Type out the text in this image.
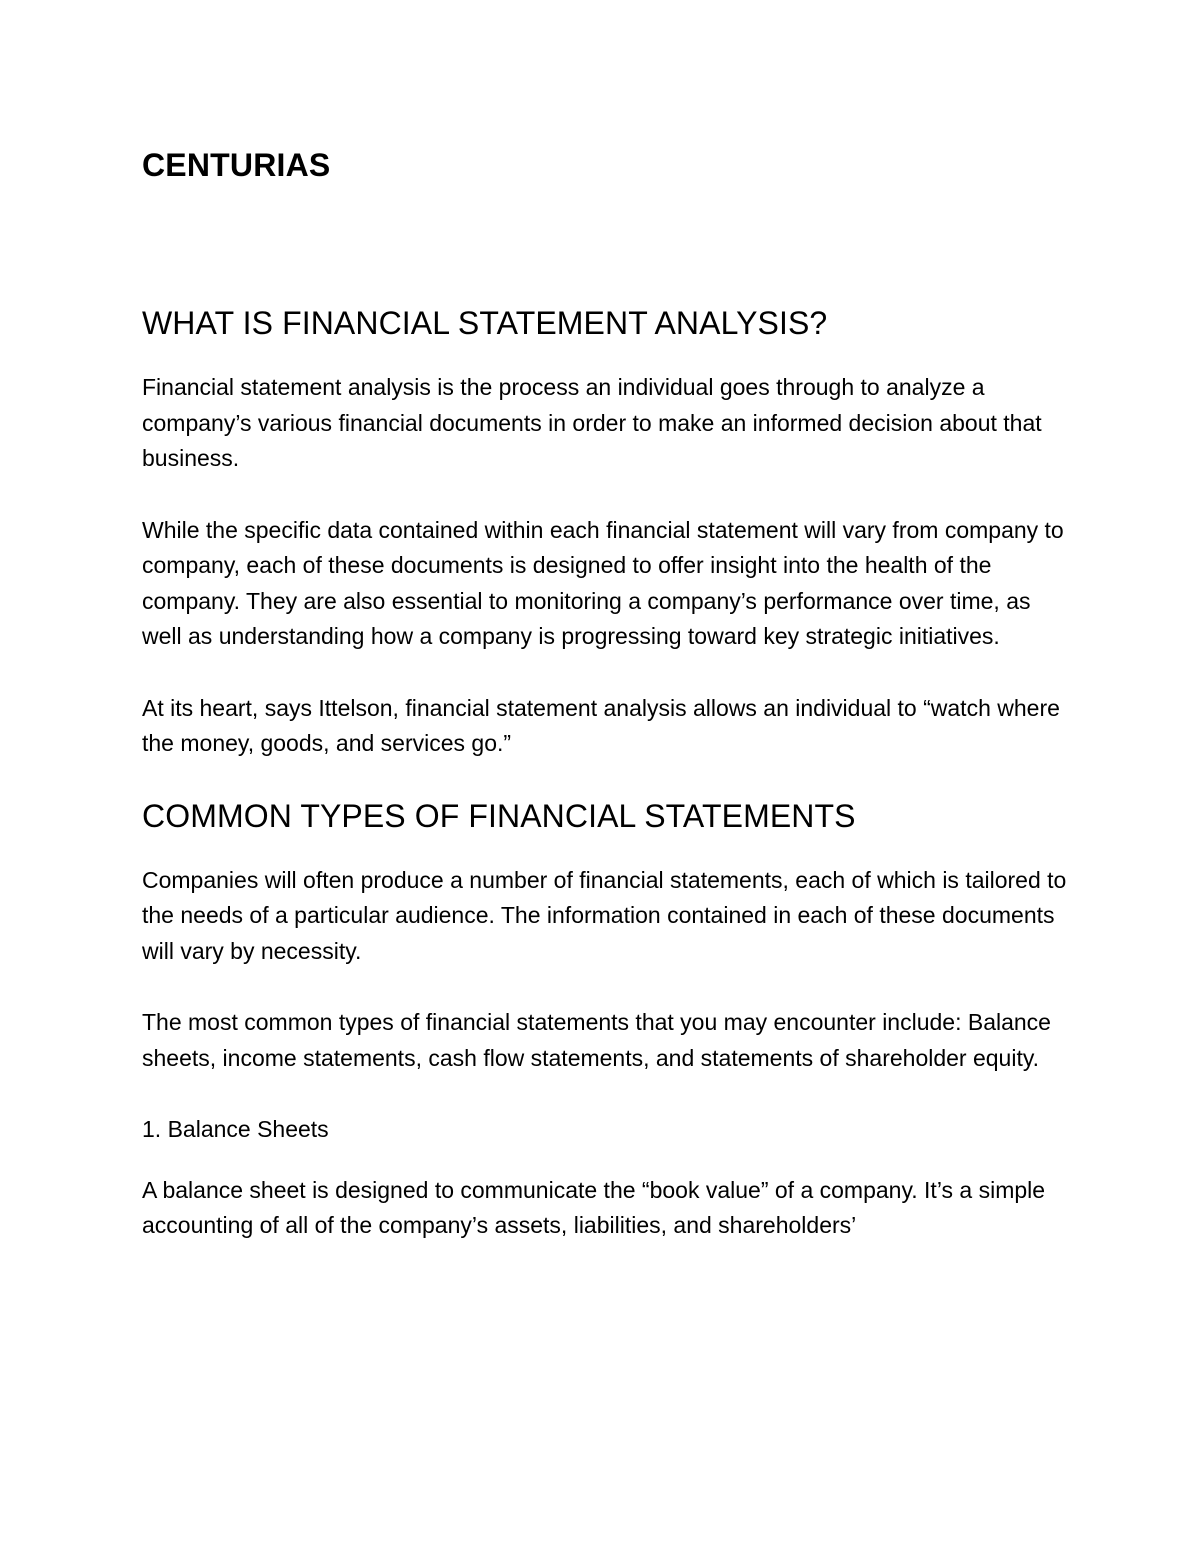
CENTURIAS
WHAT IS FINANCIAL STATEMENT ANALYSIS?

Financial statement analysis is the process an individual goes through to analyze a company’s various financial documents in order to make an informed decision about that business.

While the specific data contained within each financial statement will vary from company to company, each of these documents is designed to offer insight into the health of the company. They are also essential to monitoring a company’s performance over time, as well as understanding how a company is progressing toward key strategic initiatives.

At its heart, says Ittelson, financial statement analysis allows an individual to “watch where the money, goods, and services go.”

COMMON TYPES OF FINANCIAL STATEMENTS

Companies will often produce a number of financial statements, each of which is tailored to the needs of a particular audience. The information contained in each of these documents will vary by necessity.

The most common types of financial statements that you may encounter include: Balance sheets, income statements, cash flow statements, and statements of shareholder equity.

1. Balance Sheets

A balance sheet is designed to communicate the “book value” of a company. It’s a simple accounting of all of the company’s assets, liabilities, and shareholders’
